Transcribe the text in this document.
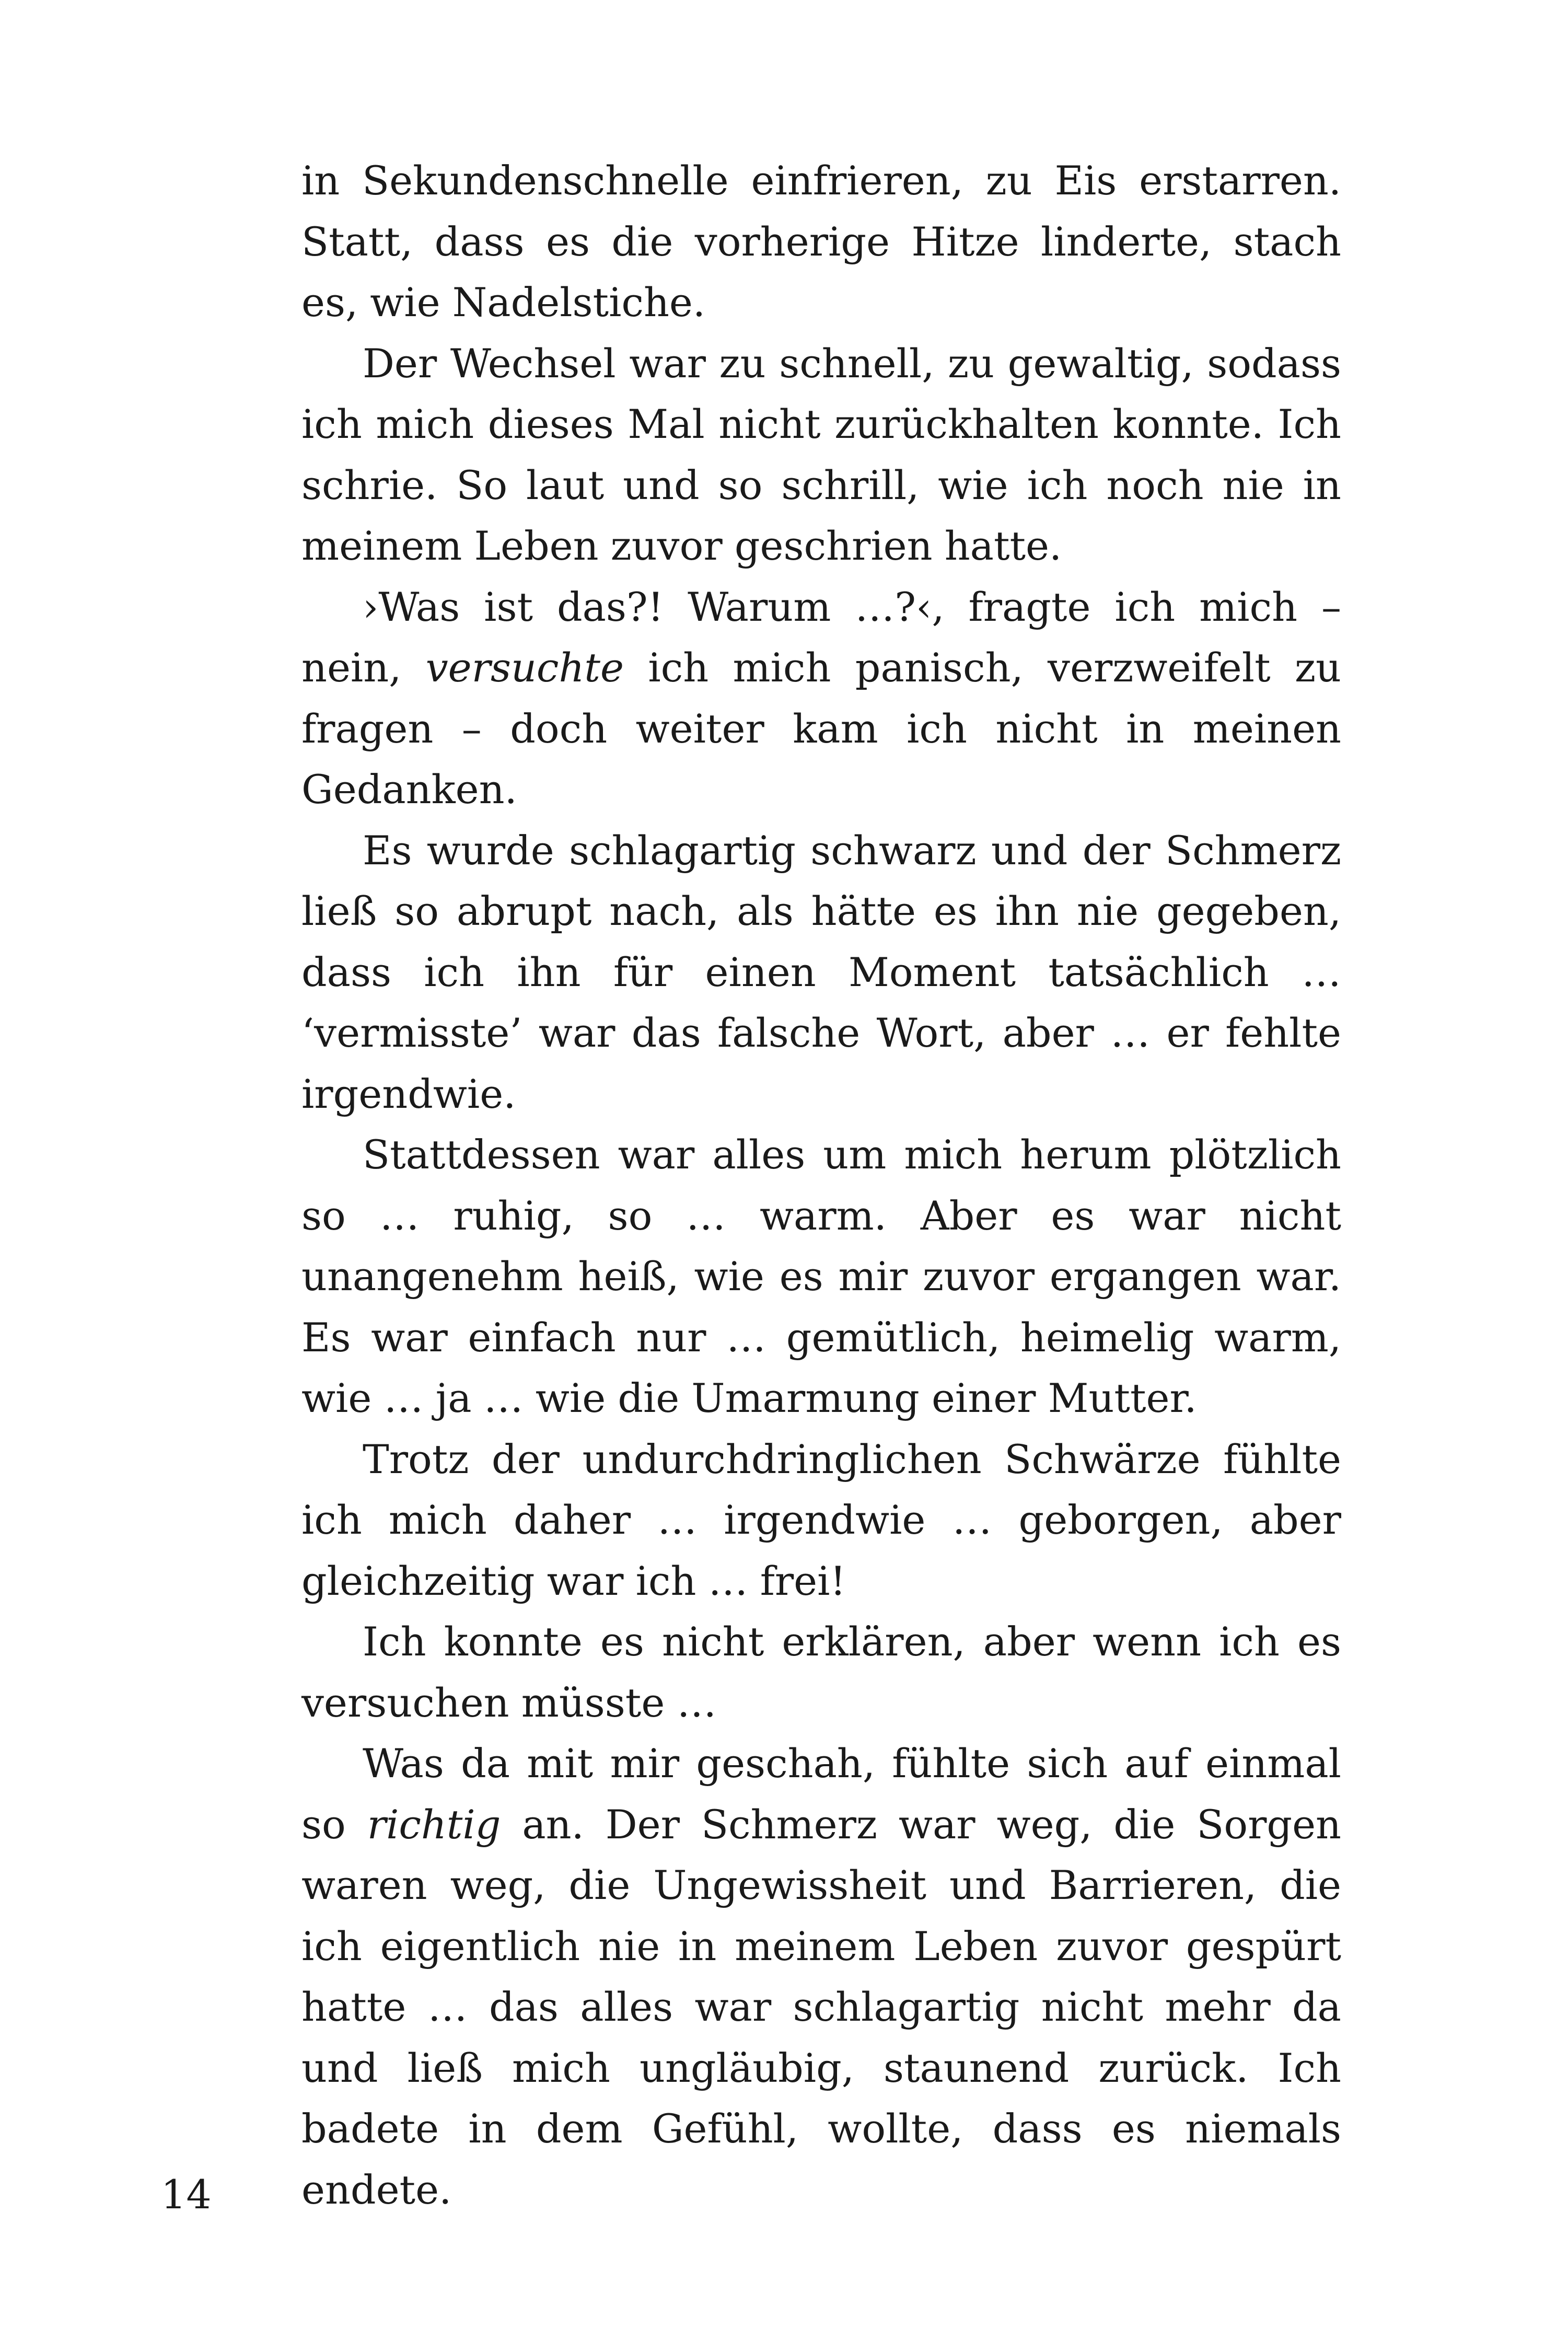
in Sekundenschnelle einfrieren, zu Eis erstarren. Statt, dass es die vorherige Hitze linderte, stach es, wie Nadelstiche.

Der Wechsel war zu schnell, zu gewaltig, sodass ich mich dieses Mal nicht zurückhalten konnte. Ich schrie. So laut und so schrill, wie ich noch nie in meinem Leben zuvor geschrien hatte.

›Was ist das?! Warum …?‹, fragte ich mich – nein, versuchte ich mich panisch, verzweifelt zu fragen – doch weiter kam ich nicht in meinen Gedanken.

Es wurde schlagartig schwarz und der Schmerz ließ so abrupt nach, als hätte es ihn nie gegeben, dass ich ihn für einen Moment tatsächlich … ‘vermisste’ war das falsche Wort, aber … er fehlte irgendwie.

Stattdessen war alles um mich herum plötzlich so … ruhig, so … warm. Aber es war nicht unangenehm heiß, wie es mir zuvor ergangen war. Es war einfach nur … gemütlich, heimelig warm, wie … ja … wie die Umarmung einer Mutter.

Trotz der undurchdringlichen Schwärze fühlte ich mich daher … irgendwie … geborgen, aber gleichzeitig war ich … frei!

Ich konnte es nicht erklären, aber wenn ich es versuchen müsste …

Was da mit mir geschah, fühlte sich auf einmal so richtig an. Der Schmerz war weg, die Sorgen waren weg, die Ungewissheit und Barrieren, die ich eigentlich nie in meinem Leben zuvor gespürt hatte … das alles war schlagartig nicht mehr da und ließ mich ungläubig, staunend zurück. Ich badete in dem Gefühl, wollte, dass es niemals endete.

14
